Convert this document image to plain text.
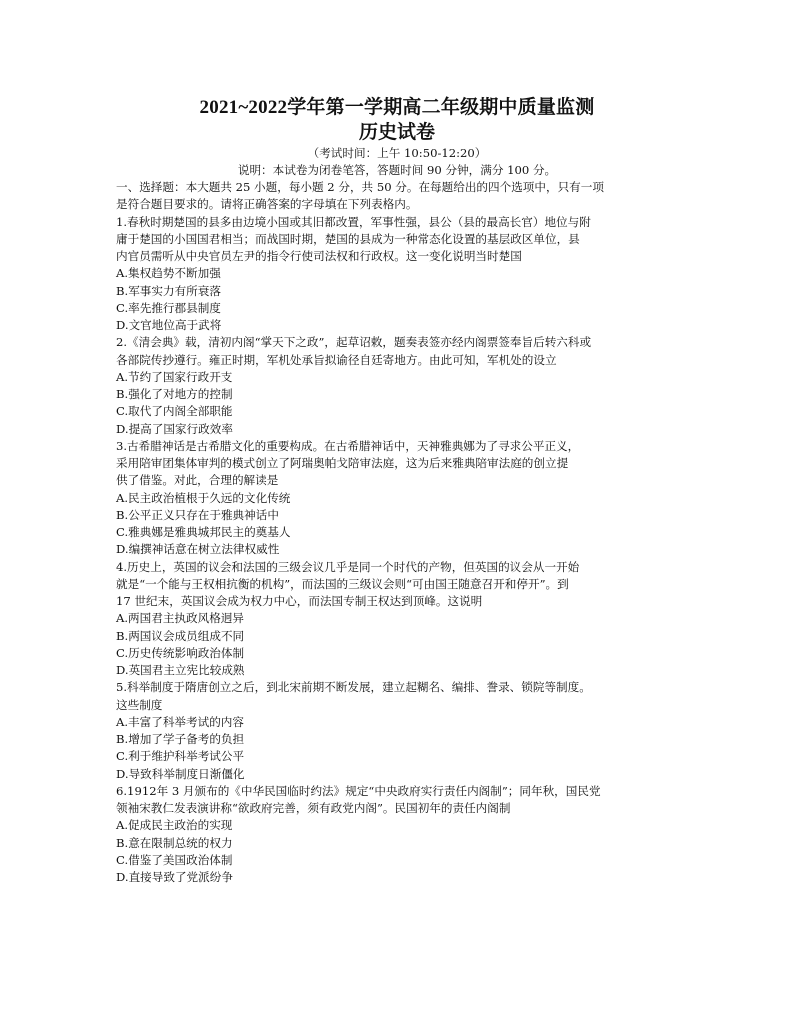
2021~2022学年第一学期高二年级期中质量监测
历史试卷
（考试时间：上午 10:50-12:20）
说明：本试卷为闭卷笔答，答题时间 90 分钟，满分 100 分。
一、选择题：本大题共 25 小题，每小题 2 分，共 50 分。在每题给出的四个选项中，只有一项
是符合题目要求的。请将正确答案的字母填在下列表格内。
1.春秋时期楚国的县多由边境小国或其旧都改置，军事性强，县公（县的最高长官）地位与附
庸于楚国的小国国君相当；而战国时期，楚国的县成为一种常态化设置的基层政区单位，县
内官员需听从中央官员左尹的指令行使司法权和行政权。这一变化说明当时楚国
A.集权趋势不断加强
B.军事实力有所衰落
C.率先推行郡县制度
D.文官地位高于武将
2.《清会典》载，清初内阁“掌天下之政”，起草诏敕，题奏表签亦经内阁票签奉旨后转六科或
各部院传抄遵行。雍正时期，军机处承旨拟谕径自廷寄地方。由此可知，军机处的设立
A.节约了国家行政开支
B.强化了对地方的控制
C.取代了内阁全部职能
D.提高了国家行政效率
3.古希腊神话是古希腊文化的重要构成。在古希腊神话中，天神雅典娜为了寻求公平正义，
采用陪审团集体审判的模式创立了阿瑞奥帕戈陪审法庭，这为后来雅典陪审法庭的创立提
供了借鉴。对此，合理的解读是
A.民主政治植根于久远的文化传统
B.公平正义只存在于雅典神话中
C.雅典娜是雅典城邦民主的奠基人
D.编撰神话意在树立法律权威性
4.历史上，英国的议会和法国的三级会议几乎是同一个时代的产物，但英国的议会从一开始
就是“一个能与王权相抗衡的机构”，而法国的三级议会则“可由国王随意召开和停开”。到
17 世纪末，英国议会成为权力中心，而法国专制王权达到顶峰。这说明
A.两国君主执政风格迥异
B.两国议会成员组成不同
C.历史传统影响政治体制
D.英国君主立宪比较成熟
5.科举制度于隋唐创立之后，到北宋前期不断发展，建立起糊名、编排、誊录、锁院等制度。
这些制度
A.丰富了科举考试的内容
B.增加了学子备考的负担
C.利于维护科举考试公平
D.导致科举制度日渐僵化
6.1912年 3 月颁布的《中华民国临时约法》规定“中央政府实行责任内阁制”；同年秋，国民党
领袖宋教仁发表演讲称“欲政府完善，须有政党内阁”。民国初年的责任内阁制
A.促成民主政治的实现
B.意在限制总统的权力
C.借鉴了美国政治体制
D.直接导致了党派纷争
